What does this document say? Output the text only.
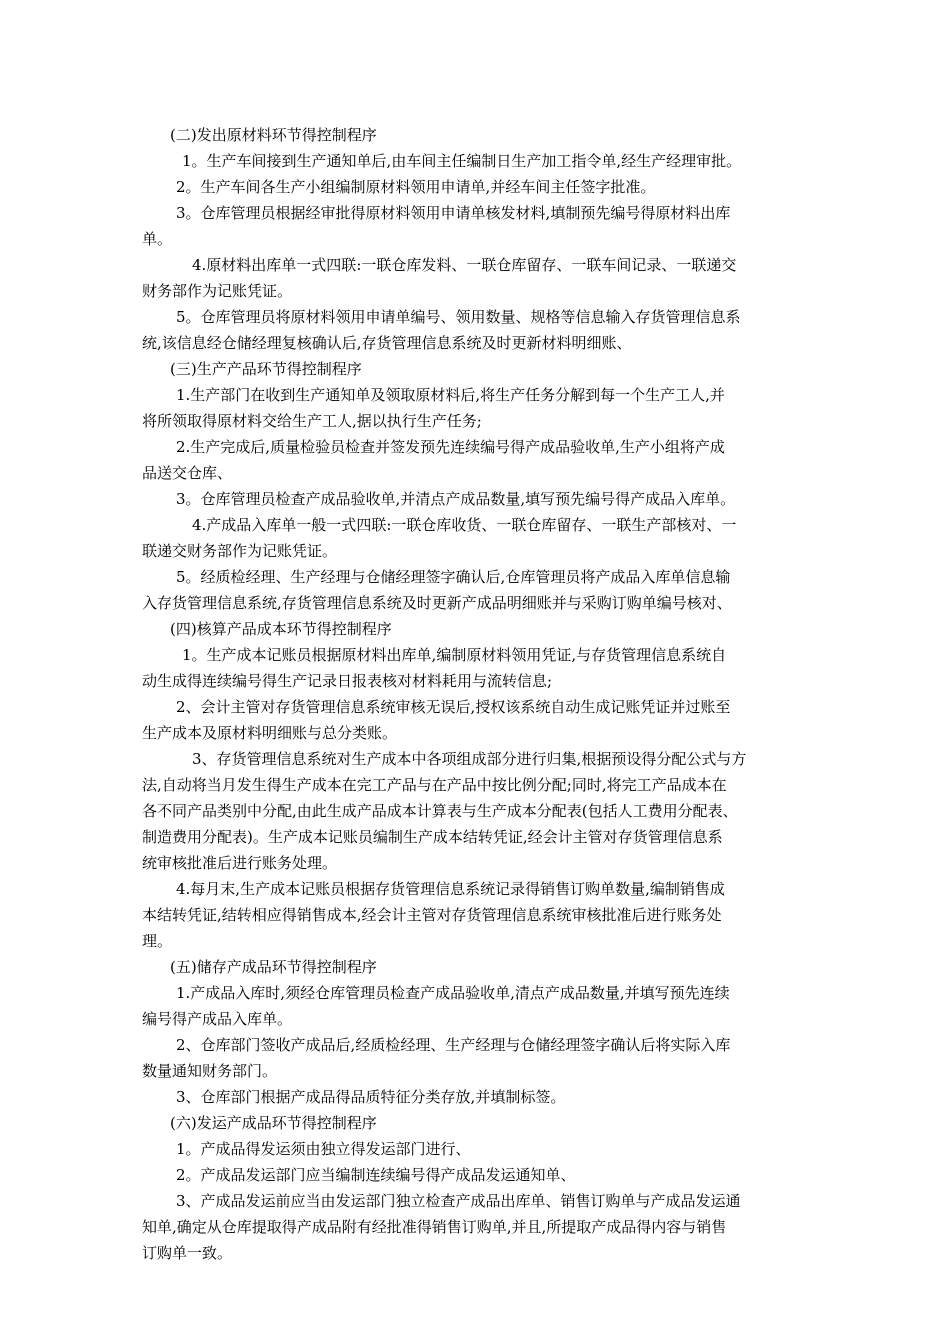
(二)发出原材料环节得控制程序
1。生产车间接到生产通知单后,由车间主任编制日生产加工指令单,经生产经理审批。
2。生产车间各生产小组编制原材料领用申请单,并经车间主任签字批准。
3。仓库管理员根据经审批得原材料领用申请单核发材料,填制预先编号得原材料出库
单。
4.原材料出库单一式四联:一联仓库发料、一联仓库留存、一联车间记录、一联递交
财务部作为记账凭证。
5。仓库管理员将原材料领用申请单编号、领用数量、规格等信息输入存货管理信息系
统,该信息经仓储经理复核确认后,存货管理信息系统及时更新材料明细账、
(三)生产产品环节得控制程序
1.生产部门在收到生产通知单及领取原材料后,将生产任务分解到每一个生产工人,并
将所领取得原材料交给生产工人,据以执行生产任务;
2.生产完成后,质量检验员检查并签发预先连续编号得产成品验收单,生产小组将产成
品送交仓库、
3。仓库管理员检查产成品验收单,并清点产成品数量,填写预先编号得产成品入库单。
4.产成品入库单一般一式四联:一联仓库收货、一联仓库留存、一联生产部核对、一
联递交财务部作为记账凭证。
5。经质检经理、生产经理与仓储经理签字确认后,仓库管理员将产成品入库单信息输
入存货管理信息系统,存货管理信息系统及时更新产成品明细账并与采购订购单编号核对、
(四)核算产品成本环节得控制程序
1。生产成本记账员根据原材料出库单,编制原材料领用凭证,与存货管理信息系统自
动生成得连续编号得生产记录日报表核对材料耗用与流转信息;
2、会计主管对存货管理信息系统审核无误后,授权该系统自动生成记账凭证并过账至
生产成本及原材料明细账与总分类账。
3、存货管理信息系统对生产成本中各项组成部分进行归集,根据预设得分配公式与方
法,自动将当月发生得生产成本在完工产品与在产品中按比例分配;同时,将完工产品成本在
各不同产品类别中分配,由此生成产品成本计算表与生产成本分配表(包括人工费用分配表、
制造费用分配表)。生产成本记账员编制生产成本结转凭证,经会计主管对存货管理信息系
统审核批准后进行账务处理。
4.每月末,生产成本记账员根据存货管理信息系统记录得销售订购单数量,编制销售成
本结转凭证,结转相应得销售成本,经会计主管对存货管理信息系统审核批准后进行账务处
理。
(五)储存产成品环节得控制程序
1.产成品入库时,须经仓库管理员检查产成品验收单,清点产成品数量,并填写预先连续
编号得产成品入库单。
2、仓库部门签收产成品后,经质检经理、生产经理与仓储经理签字确认后将实际入库
数量通知财务部门。
3、仓库部门根据产成品得品质特征分类存放,并填制标签。
(六)发运产成品环节得控制程序
1。产成品得发运须由独立得发运部门进行、
2。产成品发运部门应当编制连续编号得产成品发运通知单、
3、产成品发运前应当由发运部门独立检查产成品出库单、销售订购单与产成品发运通
知单,确定从仓库提取得产成品附有经批准得销售订购单,并且,所提取产成品得内容与销售
订购单一致。
